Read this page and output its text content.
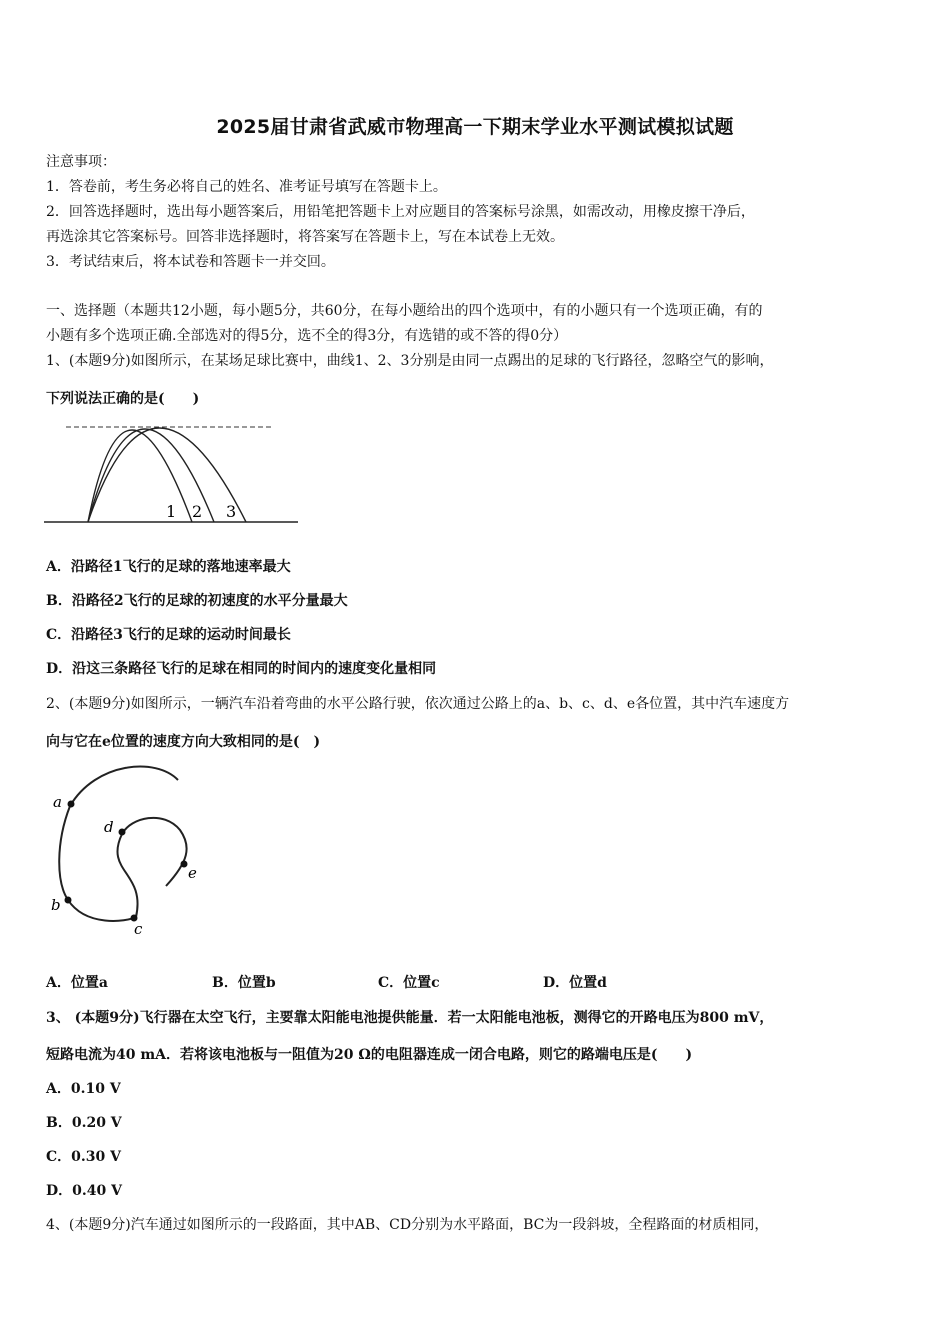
2025届甘肃省武威市物理高一下期末学业水平测试模拟试题
注意事项：
1．答卷前，考生务必将自己的姓名、准考证号填写在答题卡上。
2．回答选择题时，选出每小题答案后，用铅笔把答题卡上对应题目的答案标号涂黑，如需改动，用橡皮擦干净后，
再选涂其它答案标号。回答非选择题时，将答案写在答题卡上，写在本试卷上无效。
3．考试结束后，将本试卷和答题卡一并交回。
一、选择题（本题共12小题，每小题5分，共60分，在每小题给出的四个选项中，有的小题只有一个选项正确，有的
小题有多个选项正确.全部选对的得5分，选不全的得3分，有选错的或不答的得0分）
1、(本题9分)如图所示，在某场足球比赛中，曲线1、2、3分别是由同一点踢出的足球的飞行路径，忽略空气的影响，
下列说法正确的是(　　)
1 2 3
A．沿路径1飞行的足球的落地速率最大
B．沿路径2飞行的足球的初速度的水平分量最大
C．沿路径3飞行的足球的运动时间最长
D．沿这三条路径飞行的足球在相同的时间内的速度变化量相同
2、(本题9分)如图所示，一辆汽车沿着弯曲的水平公路行驶，依次通过公路上的a、b、c、d、e各位置，其中汽车速度方
向与它在e位置的速度方向大致相同的是(　)
a
b
c
d
e
A．位置a	B．位置b	C．位置c	D．位置d
3、 (本题9分)飞行器在太空飞行，主要靠太阳能电池提供能量．若一太阳能电池板，测得它的开路电压为800 mV，
短路电流为40 mA．若将该电池板与一阻值为20 Ω的电阻器连成一闭合电路，则它的路端电压是(　　)
A．0.10 V
B．0.20 V
C．0.30 V
D．0.40 V
4、(本题9分)汽车通过如图所示的一段路面，其中AB、CD分别为水平路面，BC为一段斜坡，全程路面的材质相同，
